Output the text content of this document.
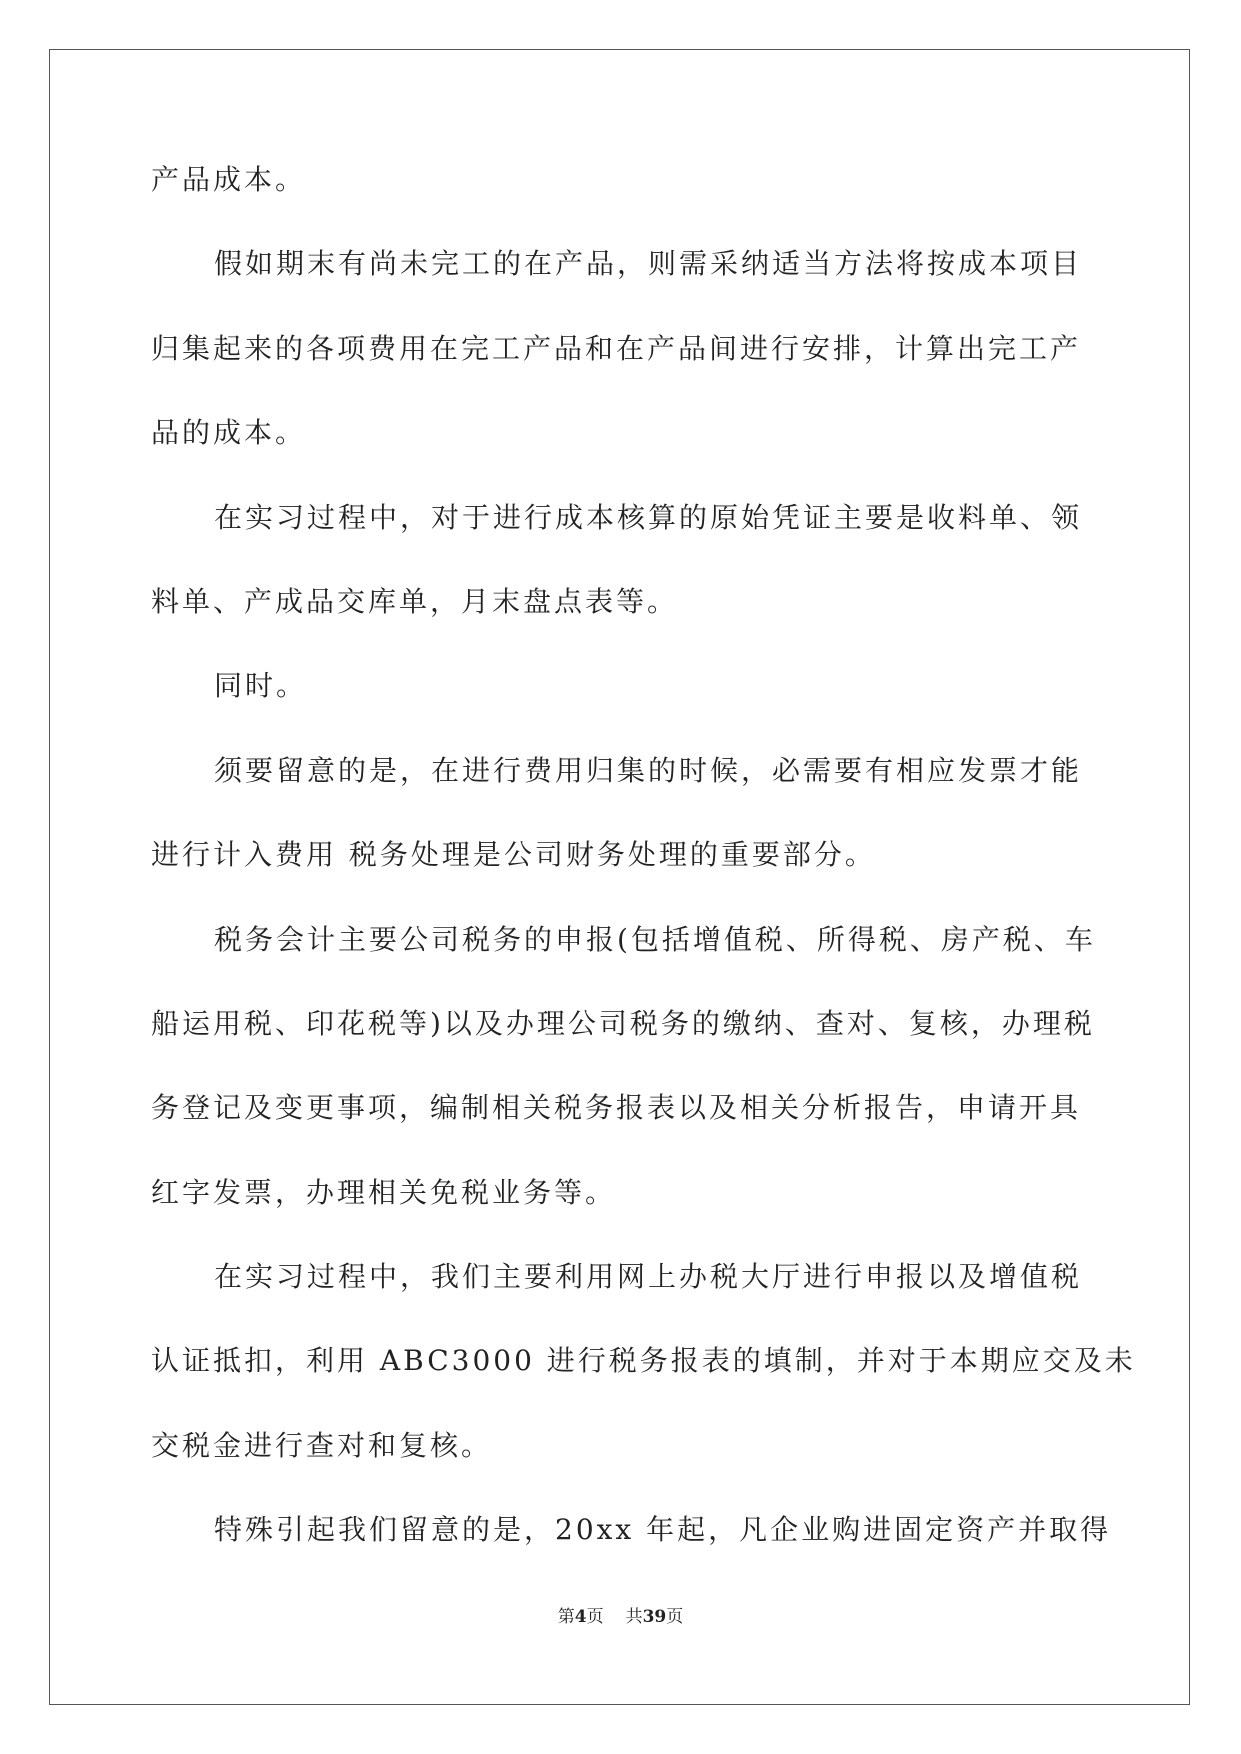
产品成本。
假如期末有尚未完工的在产品，则需采纳适当方法将按成本项目
归集起来的各项费用在完工产品和在产品间进行安排，计算出完工产
品的成本。
在实习过程中，对于进行成本核算的原始凭证主要是收料单、领
料单、产成品交库单，月末盘点表等。
同时。
须要留意的是，在进行费用归集的时候，必需要有相应发票才能
进行计入费用 税务处理是公司财务处理的重要部分。
税务会计主要公司税务的申报(包括增值税、所得税、房产税、车
船运用税、印花税等)以及办理公司税务的缴纳、查对、复核，办理税
务登记及变更事项，编制相关税务报表以及相关分析报告，申请开具
红字发票，办理相关免税业务等。
在实习过程中，我们主要利用网上办税大厅进行申报以及增值税
认证抵扣，利用 ABC3000 进行税务报表的填制，并对于本期应交及未
交税金进行查对和复核。
特殊引起我们留意的是，20xx 年起，凡企业购进固定资产并取得
第4页 共39页
